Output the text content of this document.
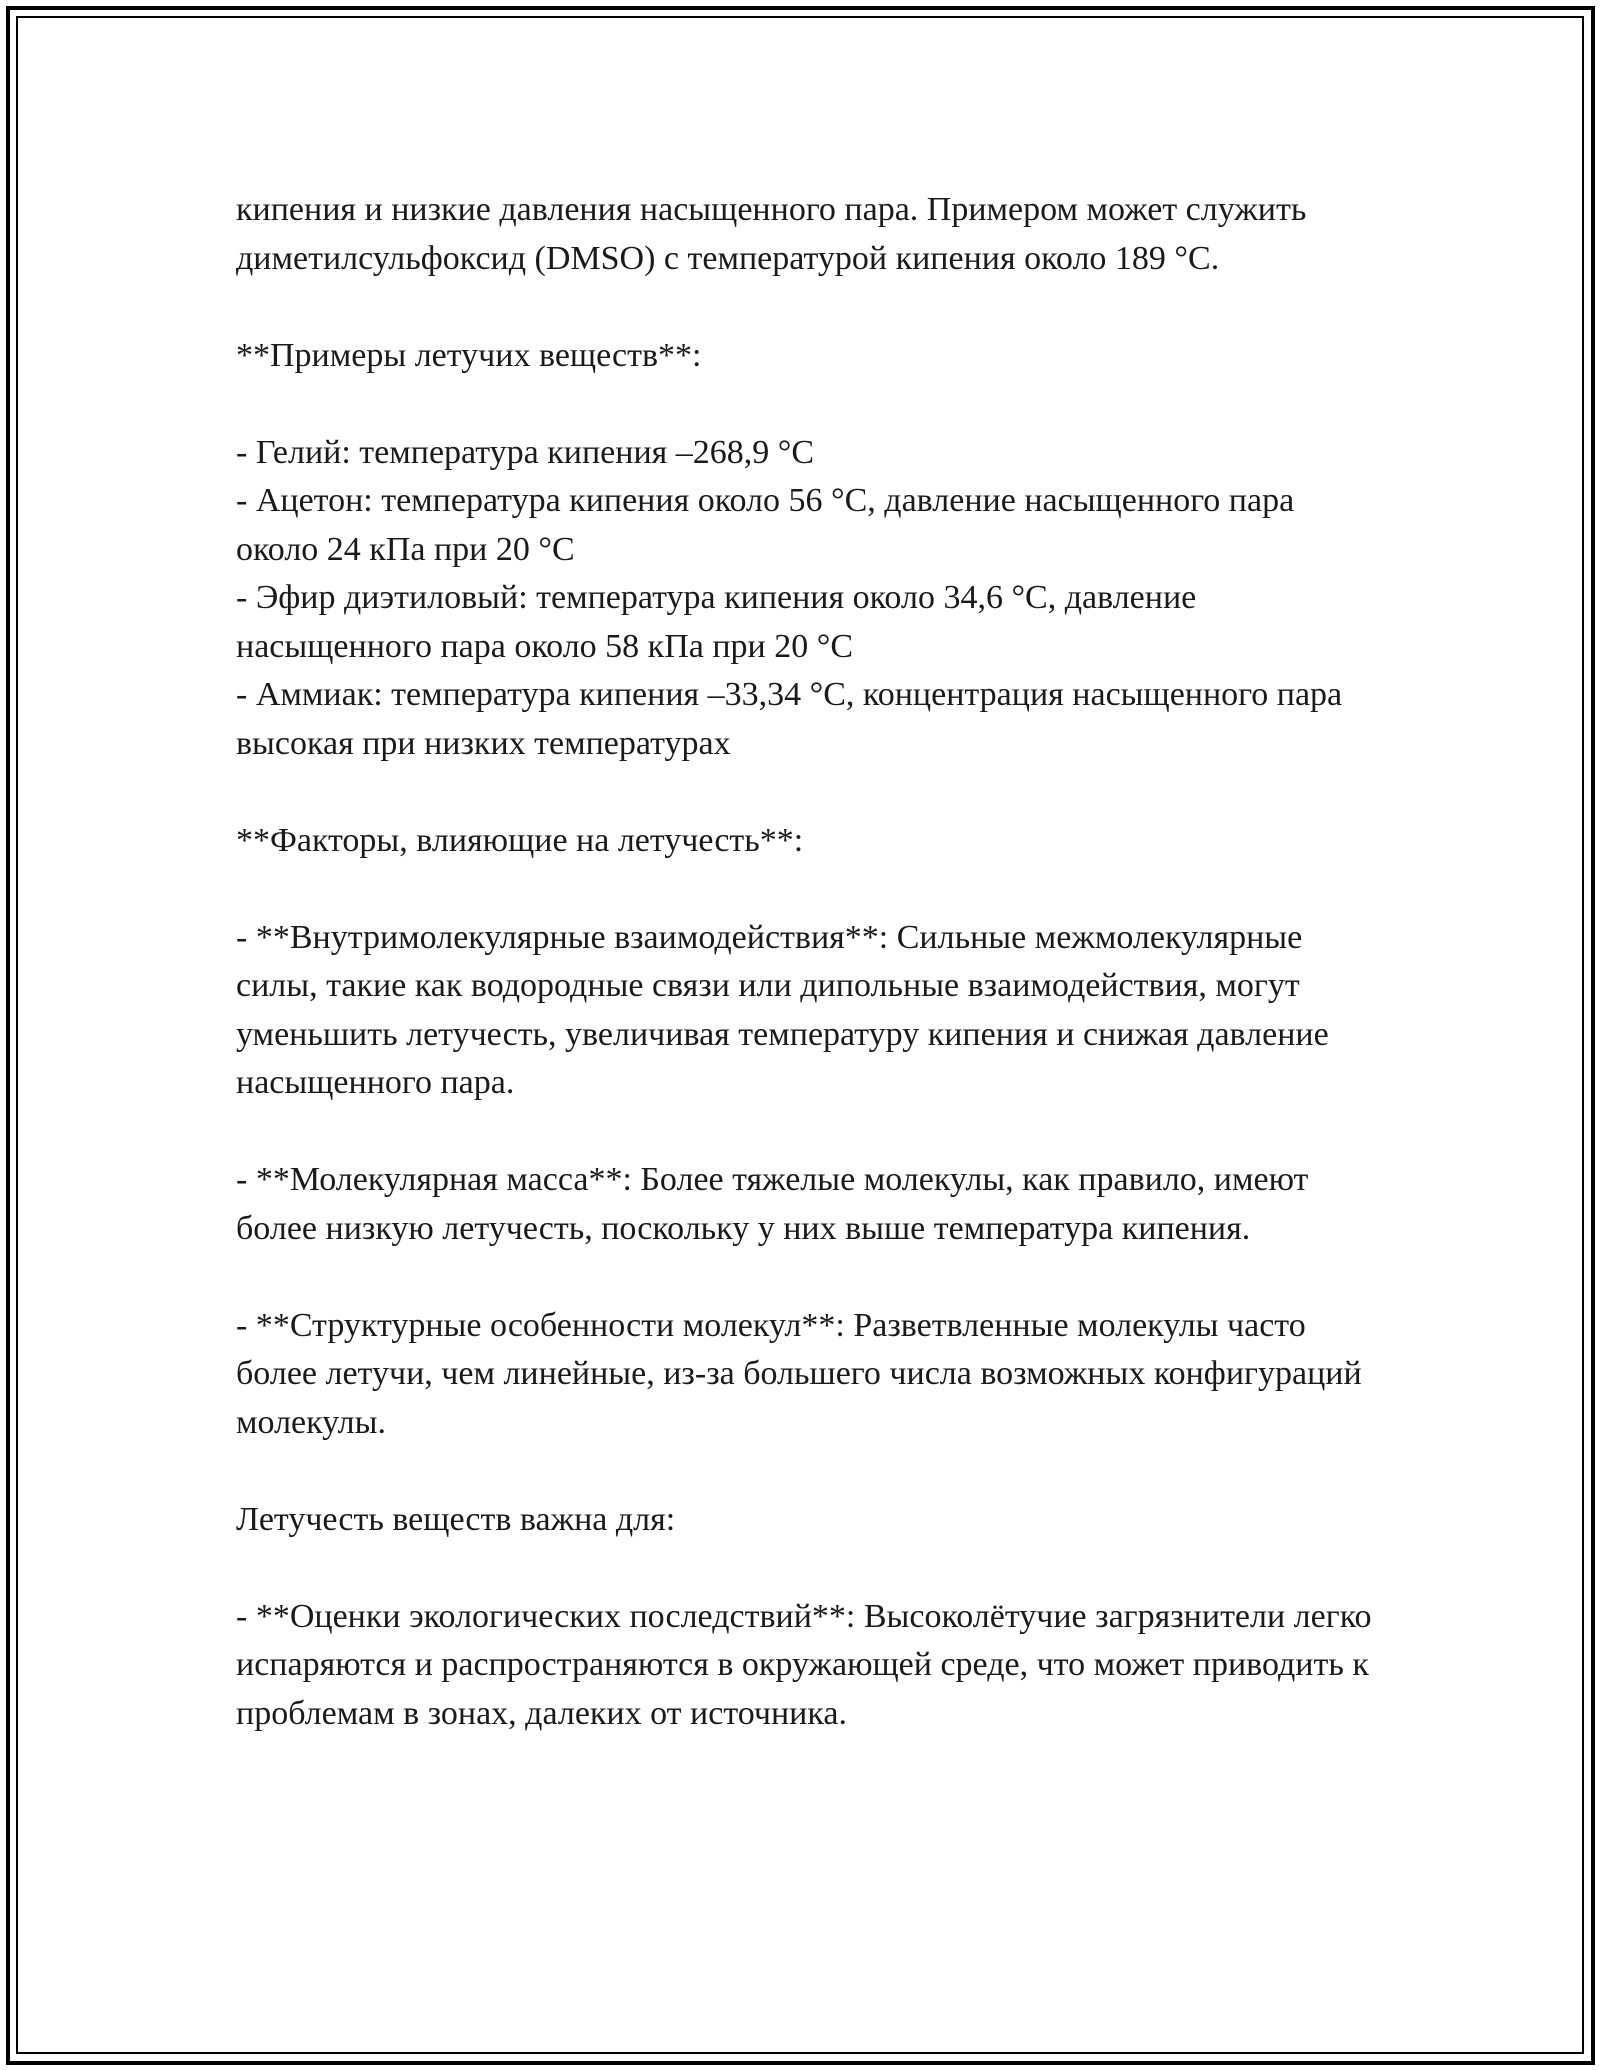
кипения и низкие давления насыщенного пара. Примером может служить диметилсульфоксид (DMSO) с температурой кипения около 189 °C.

**Примеры летучих веществ**:

- Гелий: температура кипения –268,9 °C
- Ацетон: температура кипения около 56 °C, давление насыщенного пара около 24 кПа при 20 °C
- Эфир диэтиловый: температура кипения около 34,6 °C, давление насыщенного пара около 58 кПа при 20 °C
- Аммиак: температура кипения –33,34 °C, концентрация насыщенного пара высокая при низких температурах

**Факторы, влияющие на летучесть**:

- **Внутримолекулярные взаимодействия**: Сильные межмолекулярные силы, такие как водородные связи или дипольные взаимодействия, могут уменьшить летучесть, увеличивая температуру кипения и снижая давление насыщенного пара.

- **Молекулярная масса**: Более тяжелые молекулы, как правило, имеют более низкую летучесть, поскольку у них выше температура кипения.

- **Структурные особенности молекул**: Разветвленные молекулы часто более летучи, чем линейные, из-за большего числа возможных конфигураций молекулы.

Летучесть веществ важна для:

- **Оценки экологических последствий**: Высоколётучие загрязнители легко испаряются и распространяются в окружающей среде, что может приводить к проблемам в зонах, далеких от источника.
